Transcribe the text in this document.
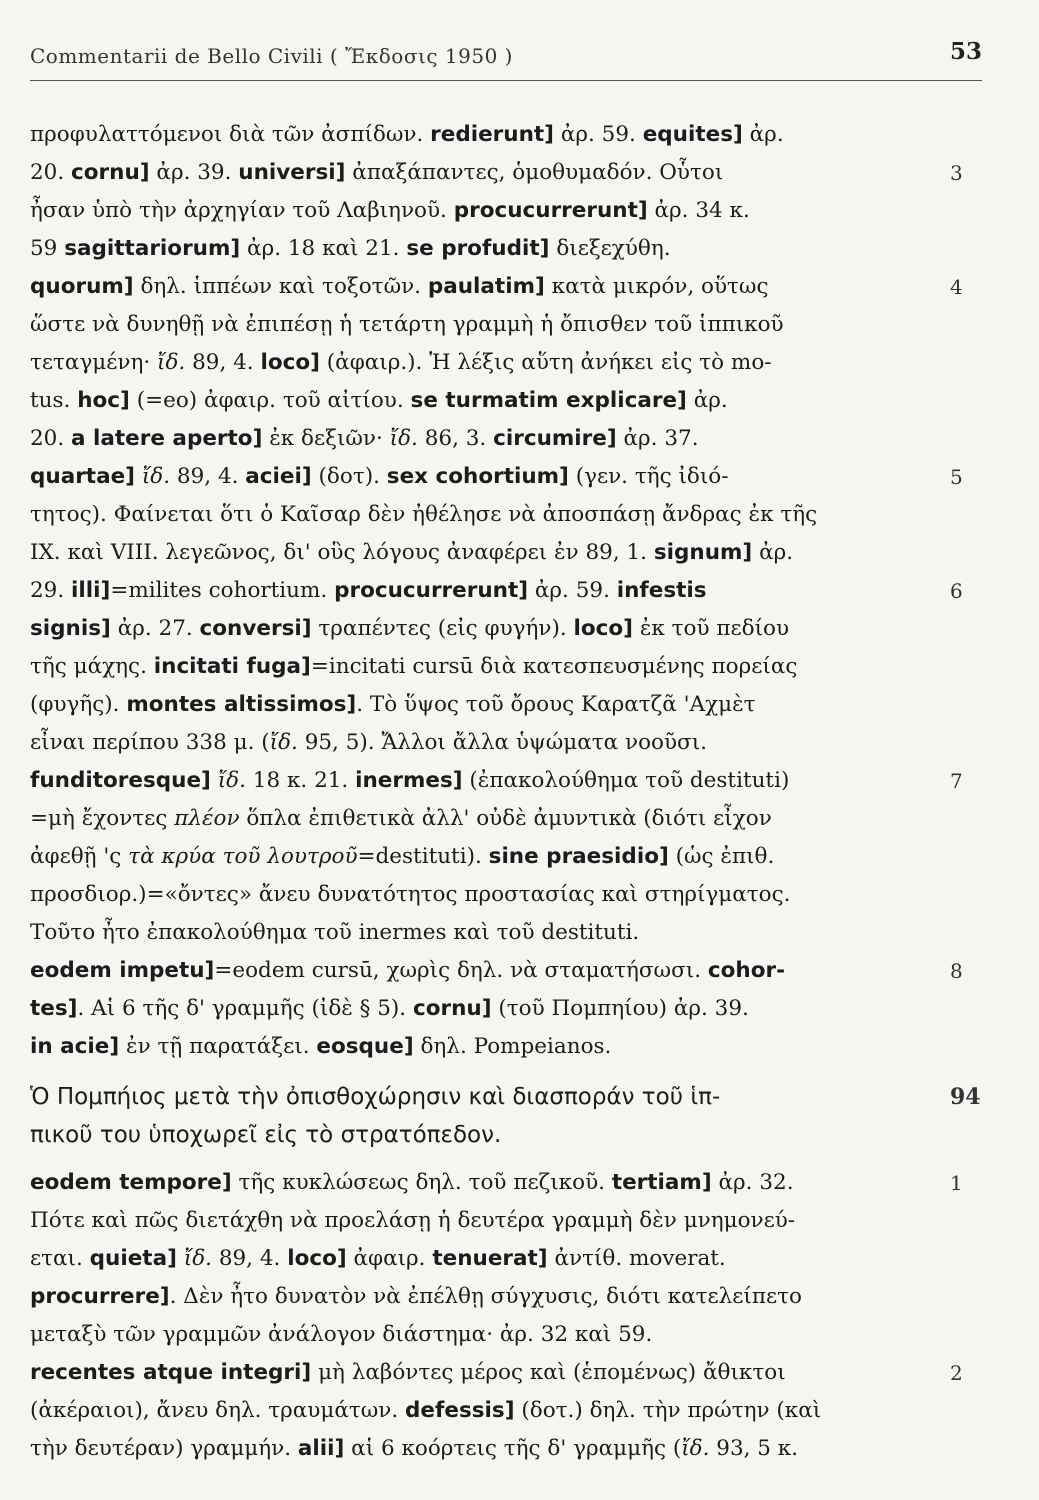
Commentarii de Bello Civili ( Ἔκδοσις 1950 )	53
προφυλαττόμενοι διὰ τῶν ἀσπίδων. redierunt] ἀρ. 59. equites] ἀρ.
20. cornu] ἀρ. 39. universi] ἀπαξάπαντες, ὁμοθυμαδόν. Οὗτοι
ἦσαν ὑπὸ τὴν ἀρχηγίαν τοῦ Λαβιηνοῦ. procucurrerunt] ἀρ. 34 κ.
59 sagittariorum] ἀρ. 18 καὶ 21. se profudit] διεξεχύθη.
quorum] δηλ. ἱππέων καὶ τοξοτῶν. paulatim] κατὰ μικρόν, οὕτως
ὥστε νὰ δυνηθῇ νὰ ἐπιπέσῃ ἡ τετάρτη γραμμὴ ἡ ὄπισθεν τοῦ ἱππικοῦ
τεταγμένη· ἴδ. 89, 4. loco] (ἀφαιρ.). Ἡ λέξις αὕτη ἀνήκει εἰς τὸ mo-
tus. hoc] (=eo) ἀφαιρ. τοῦ αἰτίου. se turmatim explicare] ἀρ.
20. a latere aperto] ἐκ δεξιῶν· ἴδ. 86, 3. circumire] ἀρ. 37.
quartae] ἴδ. 89, 4. aciei] (δοτ). sex cohortium] (γεν. τῆς ἰδιό-
τητος). Φαίνεται ὅτι ὁ Καῖσαρ δὲν ἠθέλησε νὰ ἀποσπάσῃ ἄνδρας ἐκ τῆς
IX. καὶ VIII. λεγεῶνος, δι' οὓς λόγους ἀναφέρει ἐν 89, 1. signum] ἀρ.
29. illi]=milites cohortium. procucurrerunt] ἀρ. 59. infestis
signis] ἀρ. 27. conversi] τραπέντες (εἰς φυγήν). loco] ἐκ τοῦ πεδίου
τῆς μάχης. incitati fuga]=incitati cursū διὰ κατεσπευσμένης πορείας
(φυγῆς). montes altissimos]. Τὸ ὕψος τοῦ ὄρους Καρατζᾶ 'Αχμὲτ
εἶναι περίπου 338 μ. (ἴδ. 95, 5). Ἄλλοι ἄλλα ὑψώματα νοοῦσι.
funditoresque] ἴδ. 18 κ. 21. inermes] (ἐπακολούθημα τοῦ destituti)
=μὴ ἔχοντες πλέον ὅπλα ἐπιθετικὰ ἀλλ' οὐδὲ ἀμυντικὰ (διότι εἶχον
ἀφεθῇ 'ς τὰ κρύα τοῦ λουτροῦ=destituti). sine praesidio] (ὡς ἐπιθ.
προσδιορ.)=«ὄντες» ἄνευ δυνατότητος προστασίας καὶ στηρίγματος.
Τοῦτο ἦτο ἐπακολούθημα τοῦ inermes καὶ τοῦ destituti.
eodem impetu]=eodem cursū, χωρὶς δηλ. νὰ σταματήσωσι. cohor-
tes]. Αἱ 6 τῆς δ' γραμμῆς (ἰδὲ § 5). cornu] (τοῦ Πομπηίου) ἀρ. 39.
in acie] ἐν τῇ παρατάξει. eosque] δηλ. Pompeianos.
eodem tempore] τῆς κυκλώσεως δηλ. τοῦ πεζικοῦ. tertiam] ἀρ. 32.
Πότε καὶ πῶς διετάχθη νὰ προελάσῃ ἡ δευτέρα γραμμὴ δὲν μνημονεύ-
εται. quieta] ἴδ. 89, 4. loco] ἀφαιρ. tenuerat] ἀντίθ. moverat.
procurrere]. Δὲν ἦτο δυνατὸν νὰ ἐπέλθῃ σύγχυσις, διότι κατελείπετο
μεταξὺ τῶν γραμμῶν ἀνάλογον διάστημα· ἀρ. 32 καὶ 59.
recentes atque integri] μὴ λαβόντες μέρος καὶ (ἑπομένως) ἄθικτοι
(ἀκέραιοι), ἄνευ δηλ. τραυμάτων. defessis] (δοτ.) δηλ. τὴν πρώτην (καὶ
τὴν δευτέραν) γραμμήν. alii] αἱ 6 κοόρτεις τῆς δ' γραμμῆς (ἴδ. 93, 5 κ.
Ὁ Πομπήιος μετὰ τὴν ὀπισθοχώρησιν καὶ διασποράν τοῦ ἱπ-
πικοῦ του ὑποχωρεῖ εἰς τὸ στρατόπεδον.
3
4
5
6
7
8
94
1
2
